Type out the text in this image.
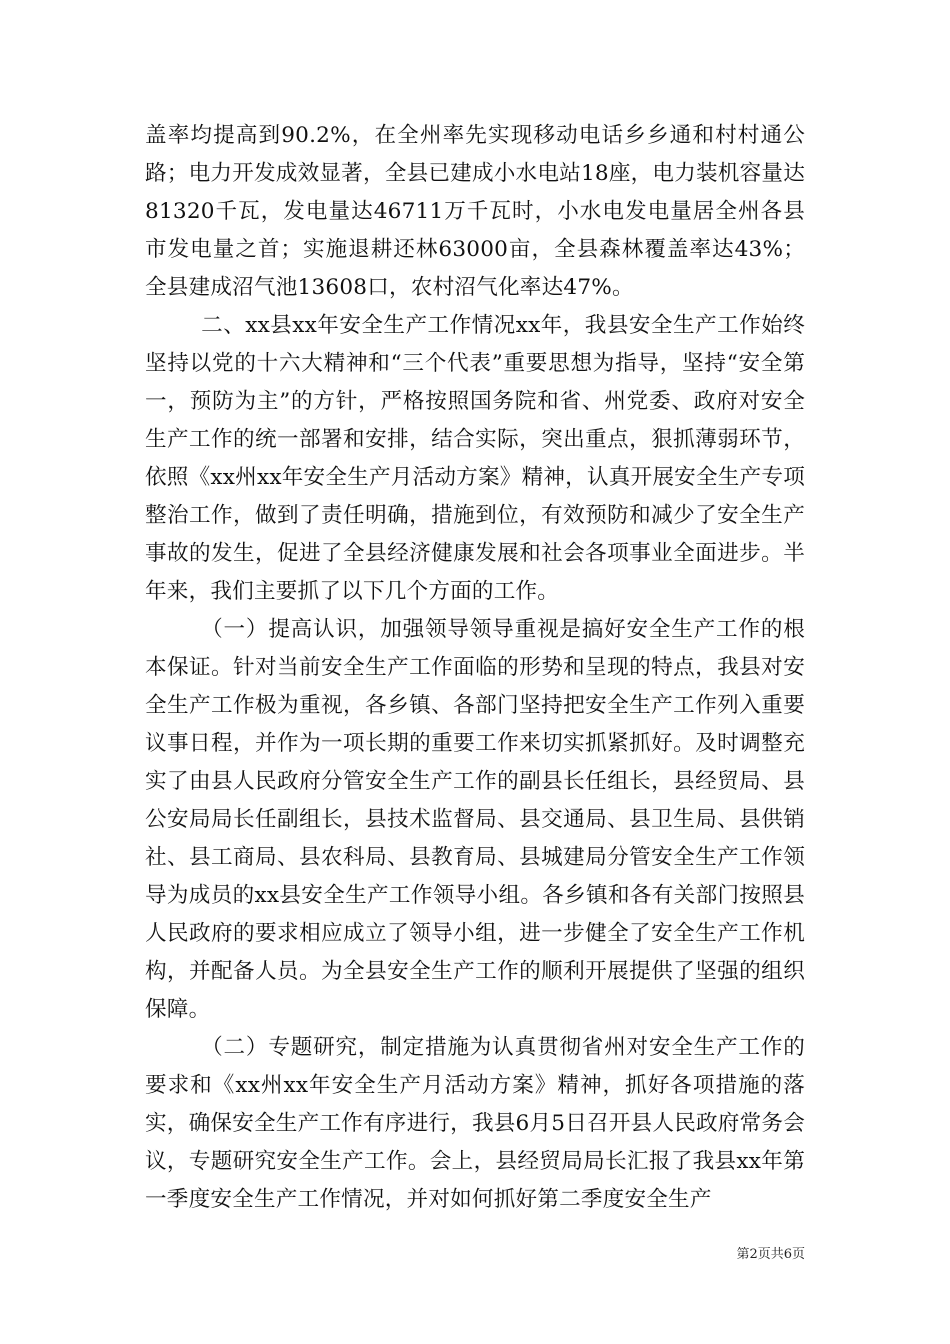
盖率均提高到90.2%，在全州率先实现移动电话乡乡通和村村通公路；电力开发成效显著，全县已建成小水电站18座，电力装机容量达81320千瓦，发电量达46711万千瓦时，小水电发电量居全州各县市发电量之首；实施退耕还林63000亩，全县森林覆盖率达43%；全县建成沼气池13608口，农村沼气化率达47%。

二、xx县xx年安全生产工作情况xx年，我县安全生产工作始终坚持以党的十六大精神和“三个代表”重要思想为指导，坚持“安全第一，预防为主”的方针，严格按照国务院和省、州党委、政府对安全生产工作的统一部署和安排，结合实际，突出重点，狠抓薄弱环节，依照《xx州xx年安全生产月活动方案》精神，认真开展安全生产专项整治工作，做到了责任明确，措施到位，有效预防和减少了安全生产事故的发生，促进了全县经济健康发展和社会各项事业全面进步。半年来，我们主要抓了以下几个方面的工作。

（一）提高认识，加强领导领导重视是搞好安全生产工作的根本保证。针对当前安全生产工作面临的形势和呈现的特点，我县对安全生产工作极为重视，各乡镇、各部门坚持把安全生产工作列入重要议事日程，并作为一项长期的重要工作来切实抓紧抓好。及时调整充实了由县人民政府分管安全生产工作的副县长任组长，县经贸局、县公安局局长任副组长，县技术监督局、县交通局、县卫生局、县供销社、县工商局、县农科局、县教育局、县城建局分管安全生产工作领导为成员的xx县安全生产工作领导小组。各乡镇和各有关部门按照县人民政府的要求相应成立了领导小组，进一步健全了安全生产工作机构，并配备人员。为全县安全生产工作的顺利开展提供了坚强的组织保障。

（二）专题研究，制定措施为认真贯彻省州对安全生产工作的要求和《xx州xx年安全生产月活动方案》精神，抓好各项措施的落实，确保安全生产工作有序进行，我县6月5日召开县人民政府常务会议，专题研究安全生产工作。会上，县经贸局局长汇报了我县xx年第一季度安全生产工作情况，并对如何抓好第二季度安全生产

第2页共6页
